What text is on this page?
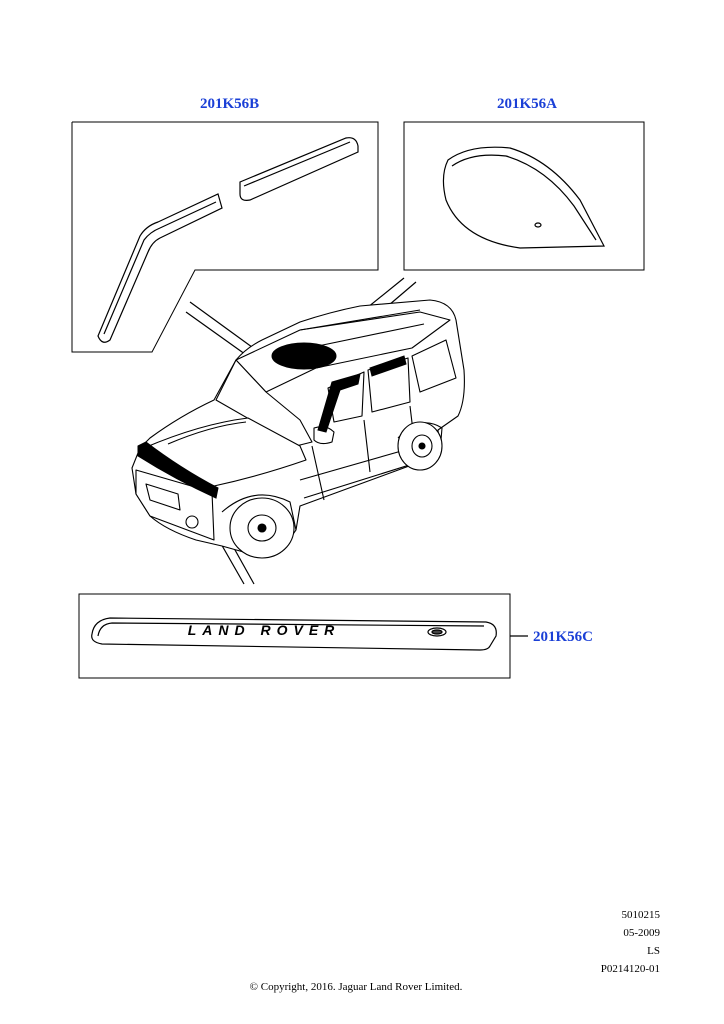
LAND ROVER
201K56B	201K56A
201K56C
5010215
05-2009
LS
P0214120-01
© Copyright, 2016. Jaguar Land Rover Limited.
